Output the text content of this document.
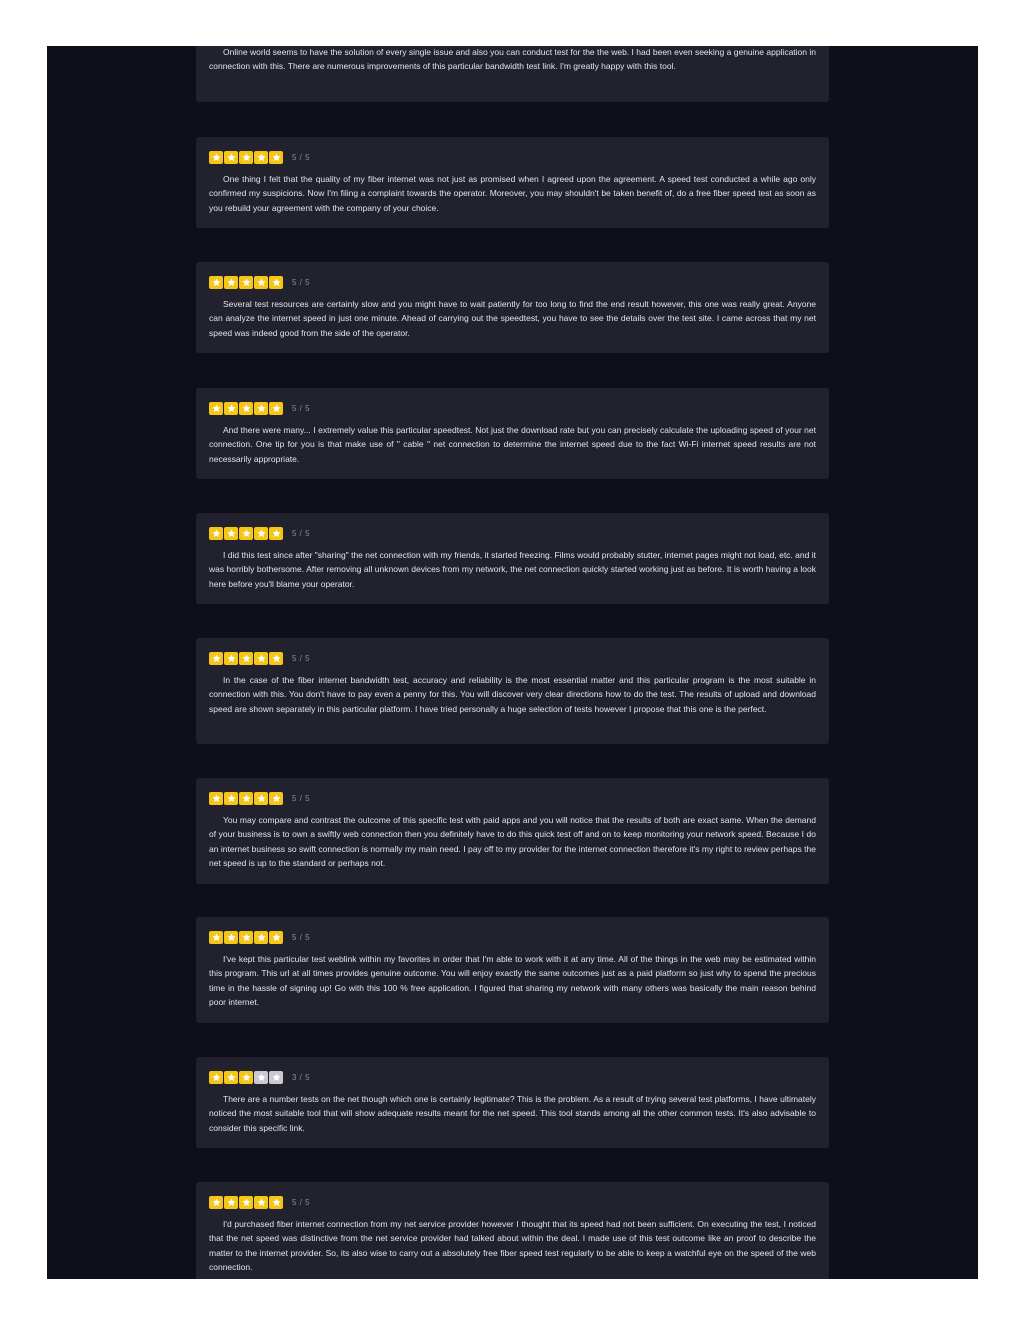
Online world seems to have the solution of every single issue and also you can conduct test for the the web. I had been even seeking a genuine application in connection with this. There are numerous improvements of this particular bandwidth test link. I'm greatly happy with this tool.

5 / 5

One thing I felt that the quality of my fiber internet was not just as promised when I agreed upon the agreement. A speed test conducted a while ago only confirmed my suspicions. Now I'm filing a complaint towards the operator. Moreover, you may shouldn't be taken benefit of, do a free fiber speed test as soon as you rebuild your agreement with the company of your choice.

5 / 5

Several test resources are certainly slow and you might have to wait patiently for too long to find the end result however, this one was really great. Anyone can analyze the internet speed in just one minute. Ahead of carrying out the speedtest, you have to see the details over the test site. I came across that my net speed was indeed good from the side of the operator.

5 / 5

And there were many... I extremely value this particular speedtest. Not just the download rate but you can precisely calculate the uploading speed of your net connection. One tip for you is that make use of " cable " net connection to determine the internet speed due to the fact Wi-Fi internet speed results are not necessarily appropriate.

5 / 5

I did this test since after "sharing" the net connection with my friends, it started freezing. Films would probably stutter, internet pages might not load, etc. and it was horribly bothersome. After removing all unknown devices from my network, the net connection quickly started working just as before. It is worth having a look here before you'll blame your operator.

5 / 5

In the case of the fiber internet bandwidth test, accuracy and reliability is the most essential matter and this particular program is the most suitable in connection with this. You don't have to pay even a penny for this. You will discover very clear directions how to do the test. The results of upload and download speed are shown separately in this particular platform. I have tried personally a huge selection of tests however I propose that this one is the perfect.

5 / 5

You may compare and contrast the outcome of this specific test with paid apps and you will notice that the results of both are exact same. When the demand of your business is to own a swiftly web connection then you definitely have to do this quick test off and on to keep monitoring your network speed. Because I do an internet business so swift connection is normally my main need. I pay off to my provider for the internet connection therefore it's my right to review perhaps the net speed is up to the standard or perhaps not.

5 / 5

I've kept this particular test weblink within my favorites in order that I'm able to work with it at any time. All of the things in the web may be estimated within this program. This url at all times provides genuine outcome. You will enjoy exactly the same outcomes just as a paid platform so just why to spend the precious time in the hassle of signing up! Go with this 100 % free application. I figured that sharing my network with many others was basically the main reason behind poor internet.

3 / 5

There are a number tests on the net though which one is certainly legitimate? This is the problem. As a result of trying several test platforms, I have ultimately noticed the most suitable tool that will show adequate results meant for the net speed. This tool stands among all the other common tests. It's also advisable to consider this specific link.

5 / 5

I'd purchased fiber internet connection from my net service provider however I thought that its speed had not been sufficient. On executing the test, I noticed that the net speed was distinctive from the net service provider had talked about within the deal. I made use of this test outcome like an proof to describe the matter to the internet provider. So, its also wise to carry out a absolutely free fiber speed test regularly to be able to keep a watchful eye on the speed of the web connection.
